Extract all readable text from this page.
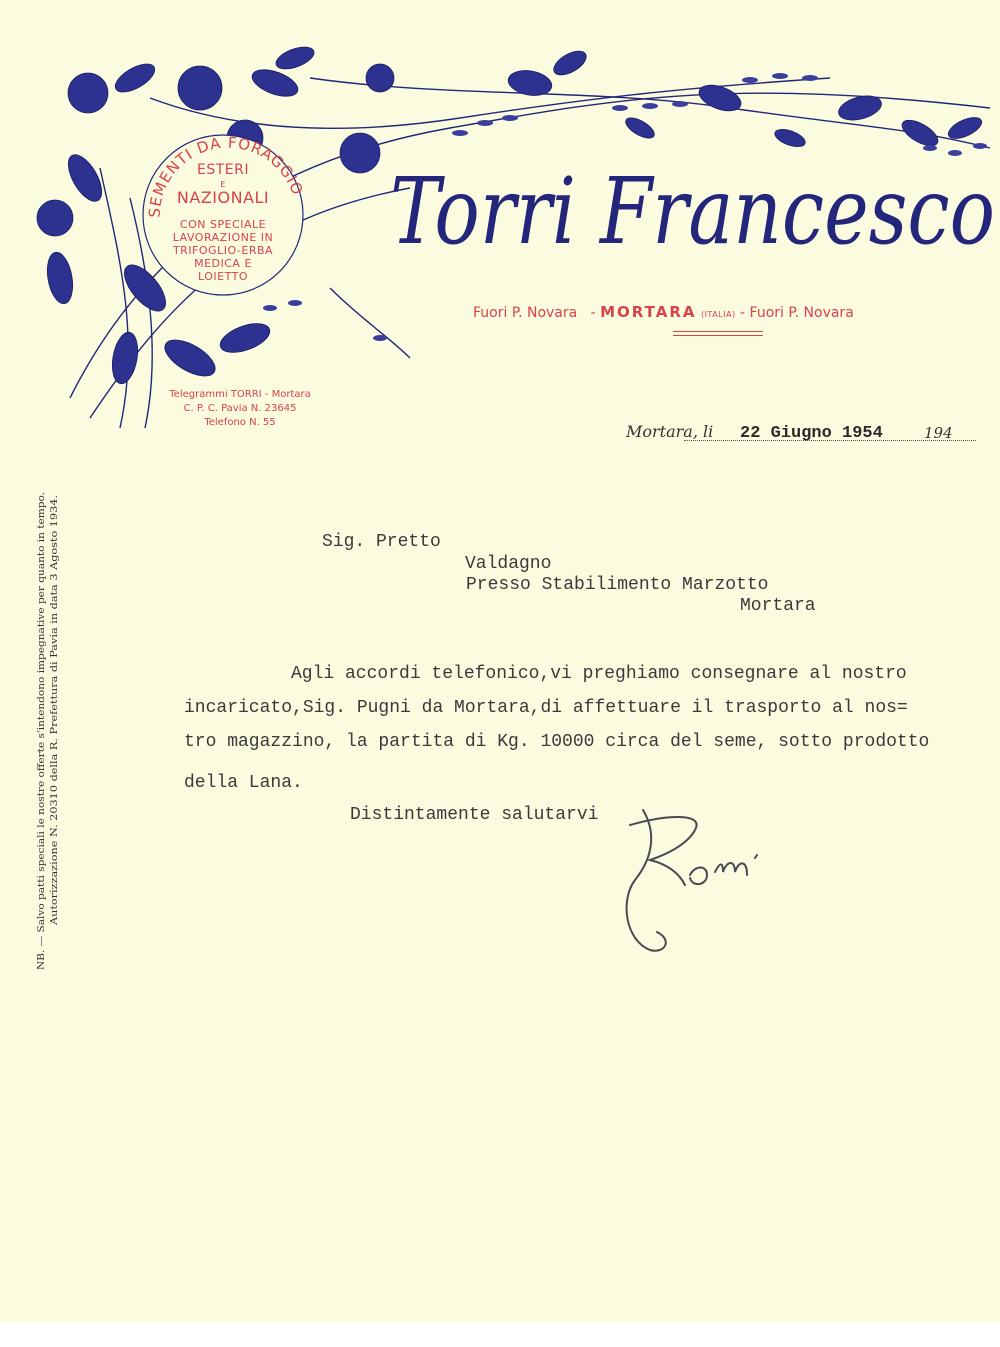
SEMENTI DA FORAGGIO
ESTERI
E
NAZIONALI
CON SPECIALE
LAVORAZIONE IN
TRIFOGLIO-ERBA
MEDICA E
LOIETTO
Torri Francesco
Fuori P. Novara - MORTARA (ITALIA) - Fuori P. Novara
Telegrammi TORRI - Mortara
C. P. C. Pavia N. 23645
Telefono N. 55	Mortara, li 22 Giugno 1954	194
NB. — Salvo patti speciali le nostre offerte s'intendono impegnative per quanto in tempo. Autorizzazione N. 20310 della R. Prefettura di Pavia in data 3 Agosto 1934.
Sig. Pretto
Valdagno
Presso Stabilimento Marzotto
Mortara
Agli accordi telefonico,vi preghiamo consegnare al nostro
incaricato,Sig. Pugni da Mortara,di affettuare il trasporto al nos=
tro magazzino, la partita di Kg. 10000 circa del seme, sotto prodotto
della Lana.
Distintamente salutarvi
